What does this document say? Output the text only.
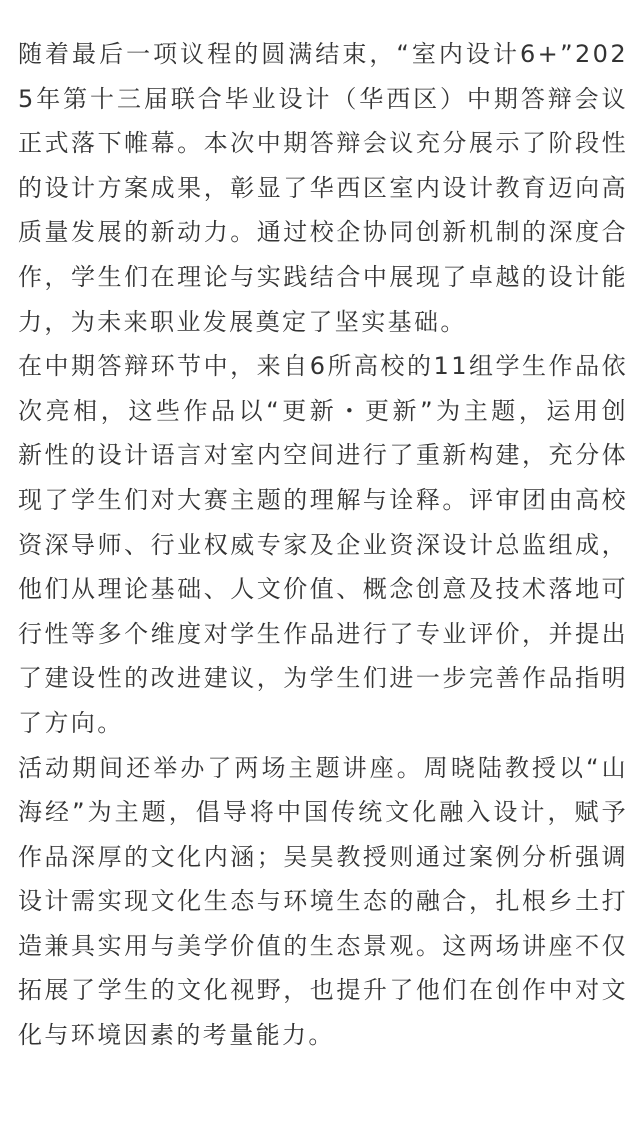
随着最后一项议程的圆满结束，“室内设计6+”2025年第十三届联合毕业设计（华西区）中期答辩会议正式落下帷幕。本次中期答辩会议充分展示了阶段性的设计方案成果，彰显了华西区室内设计教育迈向高质量发展的新动力。通过校企协同创新机制的深度合作，学生们在理论与实践结合中展现了卓越的设计能力，为未来职业发展奠定了坚实基础。

在中期答辩环节中，来自6所高校的11组学生作品依次亮相，这些作品以“更新・更新”为主题，运用创新性的设计语言对室内空间进行了重新构建，充分体现了学生们对大赛主题的理解与诠释。评审团由高校资深导师、行业权威专家及企业资深设计总监组成，他们从理论基础、人文价值、概念创意及技术落地可行性等多个维度对学生作品进行了专业评价，并提出了建设性的改进建议，为学生们进一步完善作品指明了方向。

活动期间还举办了两场主题讲座。周晓陆教授以“山海经”为主题，倡导将中国传统文化融入设计，赋予作品深厚的文化内涵；吴昊教授则通过案例分析强调设计需实现文化生态与环境生态的融合，扎根乡土打造兼具实用与美学价值的生态景观。这两场讲座不仅拓展了学生的文化视野，也提升了他们在创作中对文化与环境因素的考量能力。
